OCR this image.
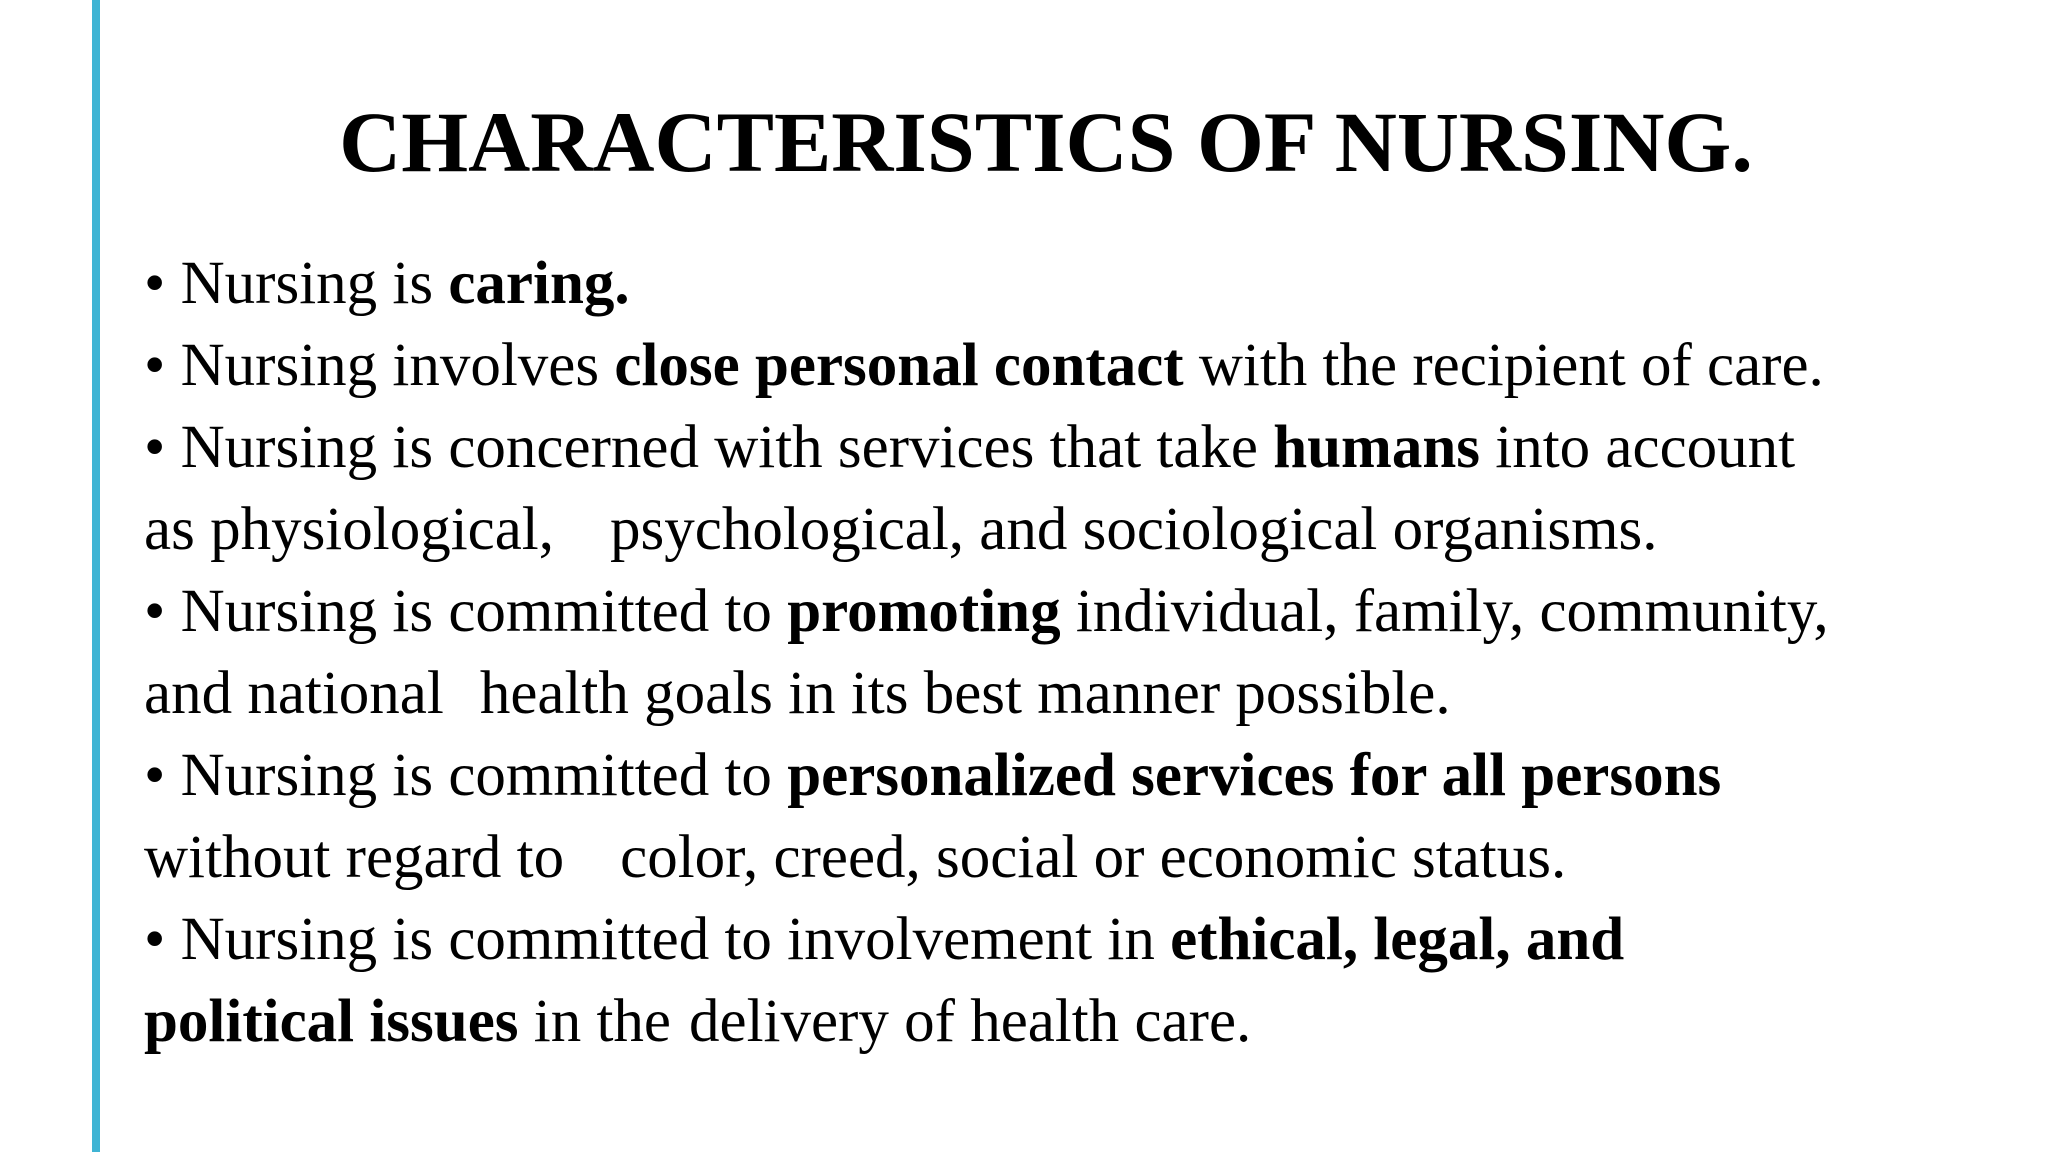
CHARACTERISTICS OF NURSING.
• Nursing is caring.
• Nursing involves close personal contact with the recipient of care.
• Nursing is concerned with services that take humans into account
as physiological, psychological, and sociological organisms.
• Nursing is committed to promoting individual, family, community,
and national health goals in its best manner possible.
• Nursing is committed to personalized services for all persons
without regard to color, creed, social or economic status.
• Nursing is committed to involvement in ethical, legal, and
political issues in the delivery of health care.
